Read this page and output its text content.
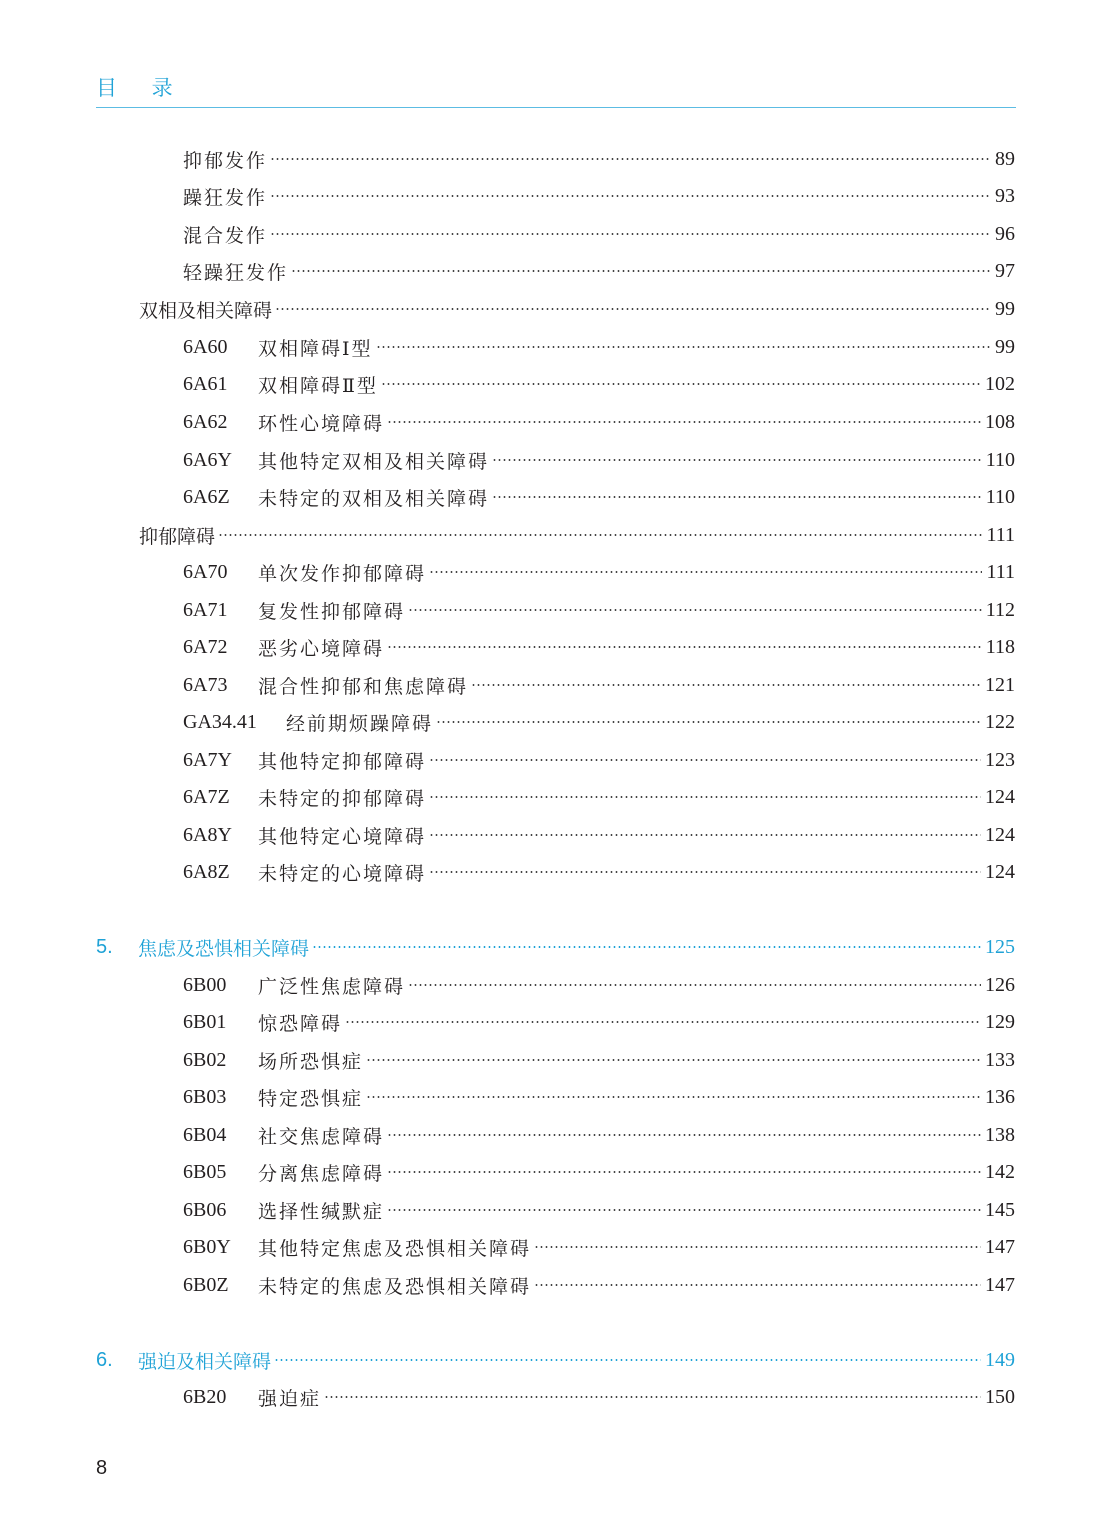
目 录
抑郁发作	89
躁狂发作	93
混合发作	96
轻躁狂发作	97
双相及相关障碍	99
6A60	双相障碍Ⅰ型	99
6A61	双相障碍Ⅱ型	102
6A62	环性心境障碍	108
6A6Y	其他特定双相及相关障碍	110
6A6Z	未特定的双相及相关障碍	110
抑郁障碍	111
6A70	单次发作抑郁障碍	111
6A71	复发性抑郁障碍	112
6A72	恶劣心境障碍	118
6A73	混合性抑郁和焦虑障碍	121
GA34.41	经前期烦躁障碍	122
6A7Y	其他特定抑郁障碍	123
6A7Z	未特定的抑郁障碍	124
6A8Y	其他特定心境障碍	124
6A8Z	未特定的心境障碍	124
5.	焦虑及恐惧相关障碍	125
6B00	广泛性焦虑障碍	126
6B01	惊恐障碍	129
6B02	场所恐惧症	133
6B03	特定恐惧症	136
6B04	社交焦虑障碍	138
6B05	分离焦虑障碍	142
6B06	选择性缄默症	145
6B0Y	其他特定焦虑及恐惧相关障碍	147
6B0Z	未特定的焦虑及恐惧相关障碍	147
6.	强迫及相关障碍	149
6B20	强迫症	150
8
